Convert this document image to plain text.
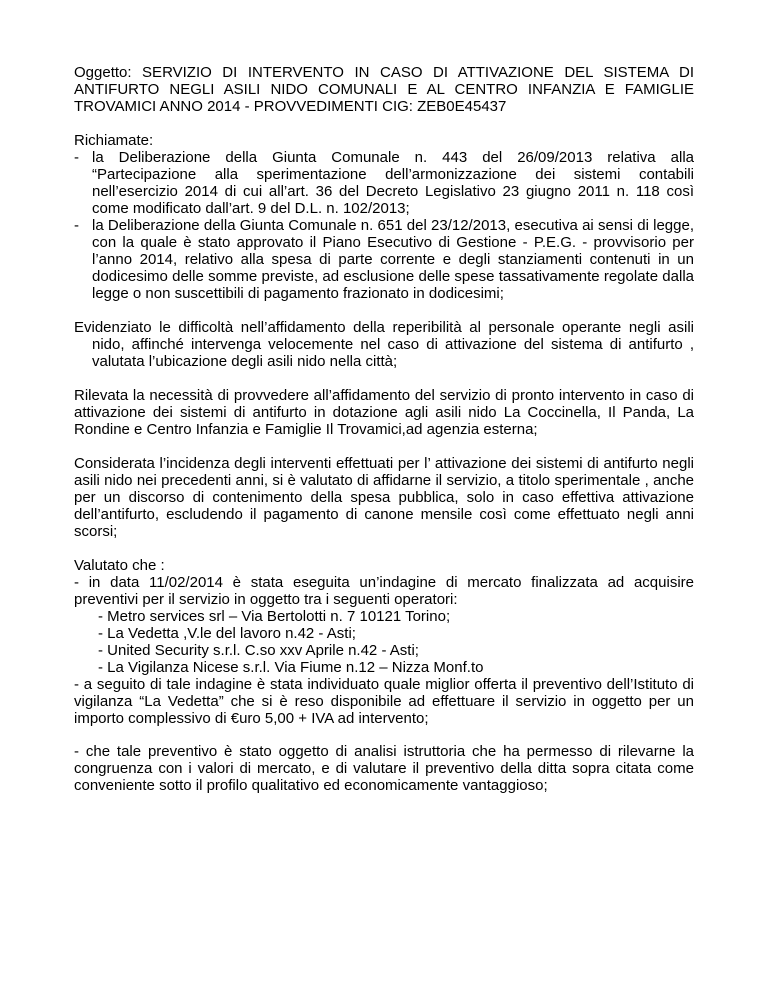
Oggetto: SERVIZIO DI INTERVENTO IN CASO DI ATTIVAZIONE DEL SISTEMA DI ANTIFURTO NEGLI ASILI NIDO COMUNALI E AL CENTRO INFANZIA E FAMIGLIE TROVAMICI ANNO 2014 - PROVVEDIMENTI CIG: ZEB0E45437

Richiamate:

- la Deliberazione della Giunta Comunale n. 443 del 26/09/2013 relativa alla “Partecipazione alla sperimentazione dell’armonizzazione dei sistemi contabili nell’esercizio 2014 di cui all’art. 36 del Decreto Legislativo 23 giugno 2011 n. 118 così come modificato dall’art. 9 del D.L. n. 102/2013;
- la Deliberazione della Giunta Comunale n. 651 del 23/12/2013, esecutiva ai sensi di legge, con la quale è stato approvato il Piano Esecutivo di Gestione - P.E.G. - provvisorio per l’anno 2014, relativo alla spesa di parte corrente e degli stanziamenti contenuti in un dodicesimo delle somme previste, ad esclusione delle spese tassativamente regolate dalla legge o non suscettibili di pagamento frazionato in dodicesimi;

Evidenziato le difficoltà nell’affidamento della reperibilità al personale operante negli asili nido, affinché intervenga velocemente nel caso di attivazione del sistema di antifurto , valutata l’ubicazione degli asili nido nella città;

Rilevata la necessità di provvedere all’affidamento del servizio di pronto intervento in caso di attivazione dei sistemi di antifurto in dotazione agli asili nido La Coccinella, Il Panda, La Rondine e Centro Infanzia e Famiglie Il Trovamici,ad agenzia esterna;

Considerata l’incidenza degli interventi effettuati per l’ attivazione dei sistemi di antifurto negli asili nido nei precedenti anni, si è valutato di affidarne il servizio, a titolo sperimentale , anche per un discorso di contenimento della spesa pubblica, solo in caso effettiva attivazione dell’antifurto, escludendo il pagamento di canone mensile così come effettuato negli anni scorsi;

Valutato che :

- in data 11/02/2014 è stata eseguita un’indagine di mercato finalizzata ad acquisire preventivi per il servizio in oggetto tra i seguenti operatori:

- Metro services srl – Via Bertolotti n. 7 10121 Torino;
- La Vedetta ,V.le del lavoro n.42 - Asti;
- United Security s.r.l. C.so xxv Aprile n.42 - Asti;
- La Vigilanza Nicese s.r.l. Via Fiume n.12 – Nizza Monf.to

- a seguito di tale indagine è stata individuato quale miglior offerta il preventivo dell’Istituto di vigilanza “La Vedetta” che si è reso disponibile ad effettuare il servizio in oggetto per un importo complessivo di €uro 5,00 + IVA ad intervento;

- che tale preventivo è stato oggetto di analisi istruttoria che ha permesso di rilevarne la congruenza con i valori di mercato, e di valutare il preventivo della ditta sopra citata come conveniente sotto il profilo qualitativo ed economicamente vantaggioso;
